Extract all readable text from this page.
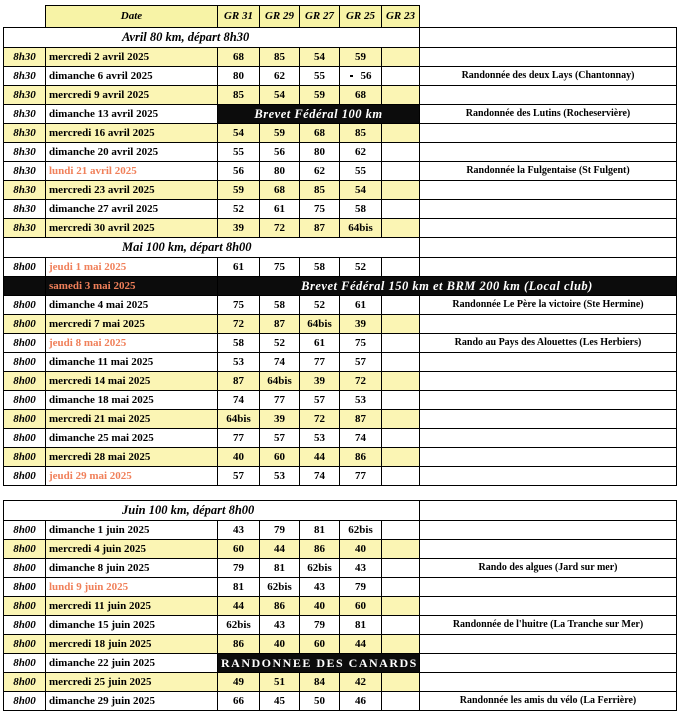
	Date	GR 31	GR 29	GR 27	GR 25	GR 23	
Avril 80 km, départ 8h30							
8h30	mercredi 2 avril 2025	68	85	54	59		
8h30	dimanche 6 avril 2025	80	62	55	56		Randonnée des deux Lays (Chantonnay)
8h30	mercredi 9 avril 2025	85	54	59	68		
8h30	dimanche 13 avril 2025	Brevet Fédéral 100 km					Randonnée des Lutins (Rocheservière)
8h30	mercredi 16 avril 2025	54	59	68	85		
8h30	dimanche 20 avril 2025	55	56	80	62		
8h30	lundi 21 avril 2025	56	80	62	55		Randonnée la Fulgentaise (St Fulgent)
8h30	mercredi 23 avril 2025	59	68	85	54		
8h30	dimanche 27 avril 2025	52	61	75	58		
8h30	mercredi 30 avril 2025	39	72	87	64bis		
Mai 100 km, départ 8h00							
8h00	jeudi 1 mai 2025	61	75	58	52		
	samedi 3 mai 2025	Brevet Fédéral 150 km et BRM 200 km (Local club)					
8h00	dimanche 4 mai 2025	75	58	52	61		Randonnée Le Père la victoire (Ste Hermine)
8h00	mercredi 7 mai 2025	72	87	64bis	39		
8h00	jeudi 8 mai 2025	58	52	61	75		Rando au Pays des Alouettes (Les Herbiers)
8h00	dimanche 11 mai 2025	53	74	77	57		
8h00	mercredi 14 mai 2025	87	64bis	39	72		
8h00	dimanche 18 mai 2025	74	77	57	53		
8h00	mercredi 21 mai 2025	64bis	39	72	87		
8h00	dimanche 25 mai 2025	77	57	53	74		
8h00	mercredi 28 mai 2025	40	60	44	86		
8h00	jeudi 29 mai 2025	57	53	74	77		

Juin 100 km, départ 8h00							
8h00	dimanche 1 juin 2025	43	79	81	62bis		
8h00	mercredi 4 juin 2025	60	44	86	40		
8h00	dimanche 8 juin 2025	79	81	62bis	43		Rando des algues (Jard sur mer)
8h00	lundi 9 juin 2025	81	62bis	43	79		
8h00	mercredi 11 juin 2025	44	86	40	60		
8h00	dimanche 15 juin 2025	62bis	43	79	81		Randonnée de l'huitre (La Tranche sur Mer)
8h00	mercredi 18 juin 2025	86	40	60	44		
8h00	dimanche 22 juin 2025	RANDONNEE DES CANARDS					
8h00	mercredi 25 juin 2025	49	51	84	42		
8h00	dimanche 29 juin 2025	66	45	50	46		Randonnée les amis du vélo (La Ferrière)
